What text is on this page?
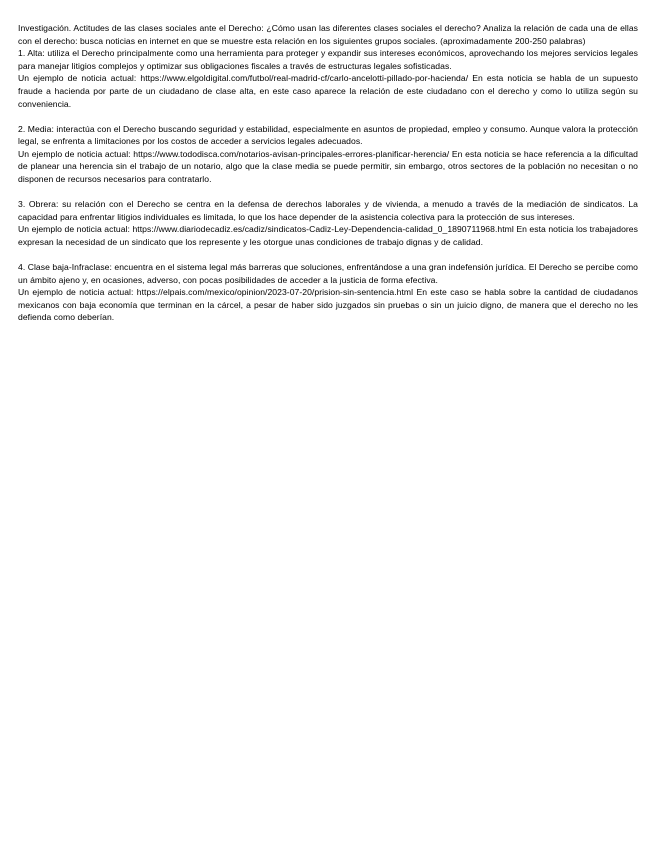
Investigación. Actitudes de las clases sociales ante el Derecho: ¿Cómo usan las diferentes clases sociales el derecho? Analiza la relación de cada una de ellas con el derecho: busca noticias en internet en que se muestre esta relación en los siguientes grupos sociales. (aproximadamente 200-250 palabras)

1. Alta: utiliza el Derecho principalmente como una herramienta para proteger y expandir sus intereses económicos, aprovechando los mejores servicios legales para manejar litigios complejos y optimizar sus obligaciones fiscales a través de estructuras legales sofisticadas.

Un ejemplo de noticia actual: https://www.elgoldigital.com/futbol/real-madrid-cf/carlo-ancelotti-pillado-por-hacienda/ En esta noticia se habla de un supuesto fraude a hacienda por parte de un ciudadano de clase alta, en este caso aparece la relación de este ciudadano con el derecho y como lo utiliza según su conveniencia.

2. Media: interactúa con el Derecho buscando seguridad y estabilidad, especialmente en asuntos de propiedad, empleo y consumo. Aunque valora la protección legal, se enfrenta a limitaciones por los costos de acceder a servicios legales adecuados.

Un ejemplo de noticia actual: https://www.tododisca.com/notarios-avisan-principales-errores-planificar-herencia/ En esta noticia se hace referencia a la dificultad de planear una herencia sin el trabajo de un notario, algo que la clase media se puede permitir, sin embargo, otros sectores de la población no necesitan o no disponen de recursos necesarios para contratarlo.

3. Obrera: su relación con el Derecho se centra en la defensa de derechos laborales y de vivienda, a menudo a través de la mediación de sindicatos. La capacidad para enfrentar litigios individuales es limitada, lo que los hace depender de la asistencia colectiva para la protección de sus intereses.

Un ejemplo de noticia actual: https://www.diariodecadiz.es/cadiz/sindicatos-Cadiz-Ley-Dependencia-calidad_0_1890711968.html En esta noticia los trabajadores expresan la necesidad de un sindicato que los represente y les otorgue unas condiciones de trabajo dignas y de calidad.

4. Clase baja-Infraclase: encuentra en el sistema legal más barreras que soluciones, enfrentándose a una gran indefensión jurídica. El Derecho se percibe como un ámbito ajeno y, en ocasiones, adverso, con pocas posibilidades de acceder a la justicia de forma efectiva.

Un ejemplo de noticia actual: https://elpais.com/mexico/opinion/2023-07-20/prision-sin-sentencia.html En este caso se habla sobre la cantidad de ciudadanos mexicanos con baja economía que terminan en la cárcel, a pesar de haber sido juzgados sin pruebas o sin un juicio digno, de manera que el derecho no les defienda como deberían.
